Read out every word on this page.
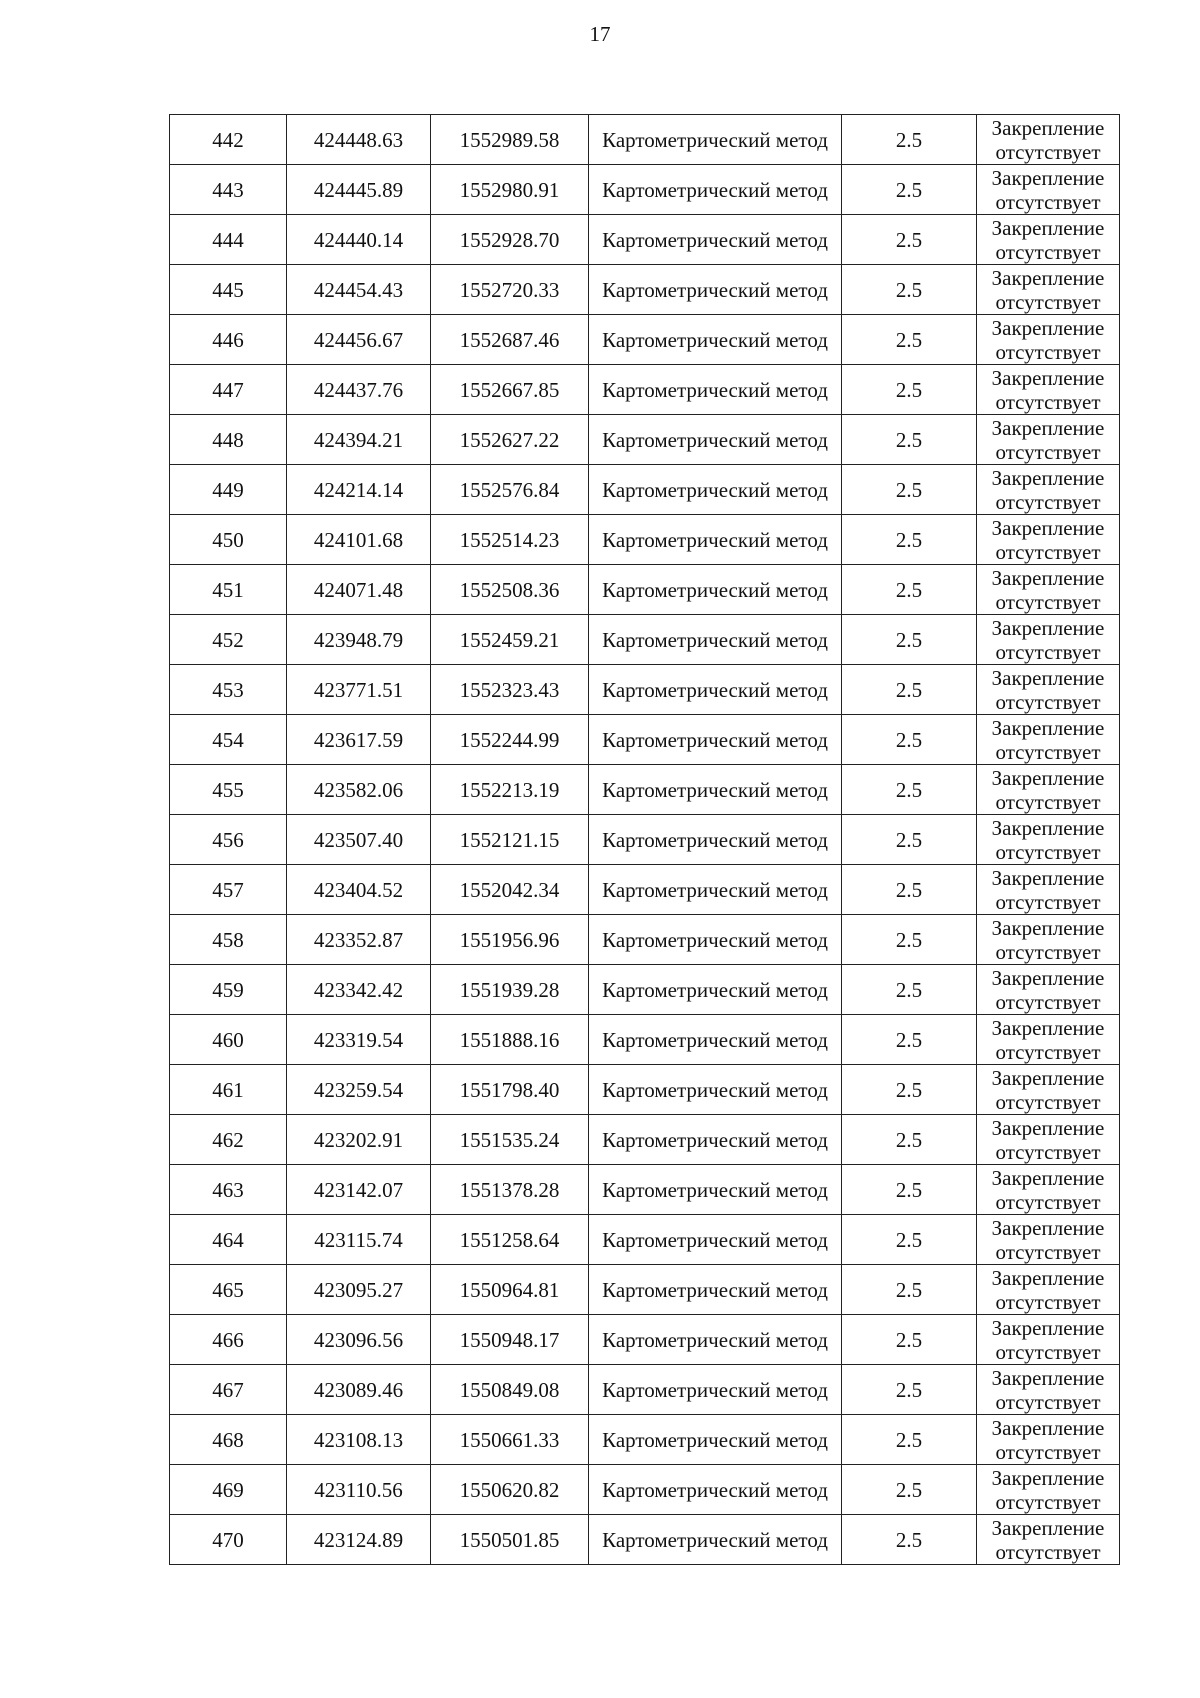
17
442	424448.63	1552989.58	Картометрический метод	2.5	Закрепление
отсутствует

443	424445.89	1552980.91	Картометрический метод	2.5	Закрепление
отсутствует

444	424440.14	1552928.70	Картометрический метод	2.5	Закрепление
отсутствует

445	424454.43	1552720.33	Картометрический метод	2.5	Закрепление
отсутствует

446	424456.67	1552687.46	Картометрический метод	2.5	Закрепление
отсутствует

447	424437.76	1552667.85	Картометрический метод	2.5	Закрепление
отсутствует

448	424394.21	1552627.22	Картометрический метод	2.5	Закрепление
отсутствует

449	424214.14	1552576.84	Картометрический метод	2.5	Закрепление
отсутствует

450	424101.68	1552514.23	Картометрический метод	2.5	Закрепление
отсутствует

451	424071.48	1552508.36	Картометрический метод	2.5	Закрепление
отсутствует

452	423948.79	1552459.21	Картометрический метод	2.5	Закрепление
отсутствует

453	423771.51	1552323.43	Картометрический метод	2.5	Закрепление
отсутствует

454	423617.59	1552244.99	Картометрический метод	2.5	Закрепление
отсутствует

455	423582.06	1552213.19	Картометрический метод	2.5	Закрепление
отсутствует

456	423507.40	1552121.15	Картометрический метод	2.5	Закрепление
отсутствует

457	423404.52	1552042.34	Картометрический метод	2.5	Закрепление
отсутствует

458	423352.87	1551956.96	Картометрический метод	2.5	Закрепление
отсутствует

459	423342.42	1551939.28	Картометрический метод	2.5	Закрепление
отсутствует

460	423319.54	1551888.16	Картометрический метод	2.5	Закрепление
отсутствует

461	423259.54	1551798.40	Картометрический метод	2.5	Закрепление
отсутствует

462	423202.91	1551535.24	Картометрический метод	2.5	Закрепление
отсутствует

463	423142.07	1551378.28	Картометрический метод	2.5	Закрепление
отсутствует

464	423115.74	1551258.64	Картометрический метод	2.5	Закрепление
отсутствует

465	423095.27	1550964.81	Картометрический метод	2.5	Закрепление
отсутствует

466	423096.56	1550948.17	Картометрический метод	2.5	Закрепление
отсутствует

467	423089.46	1550849.08	Картометрический метод	2.5	Закрепление
отсутствует

468	423108.13	1550661.33	Картометрический метод	2.5	Закрепление
отсутствует

469	423110.56	1550620.82	Картометрический метод	2.5	Закрепление
отсутствует

470	423124.89	1550501.85	Картометрический метод	2.5	Закрепление
отсутствует
